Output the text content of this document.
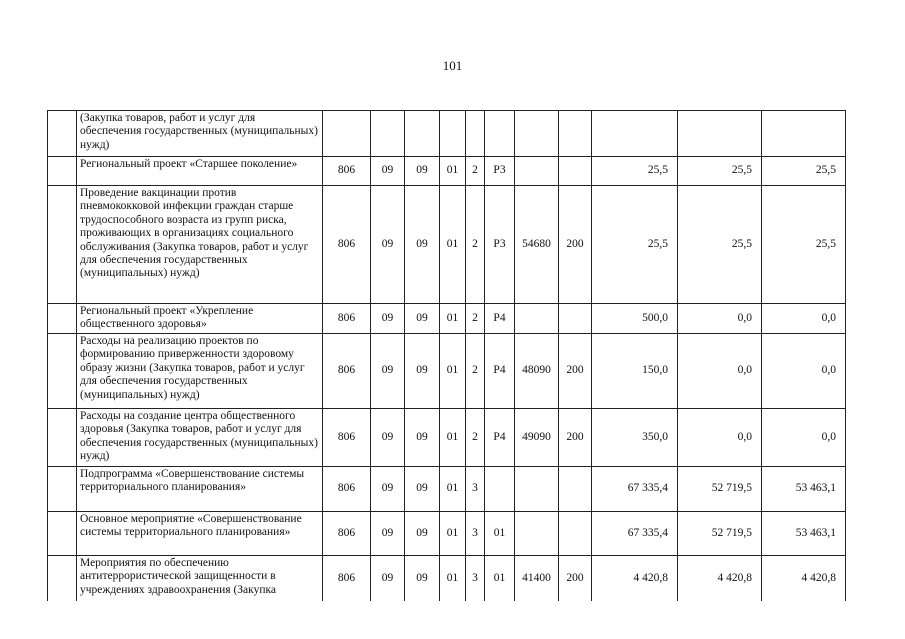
101
	(Закупка товаров, работ и услуг для обеспечения государственных (муниципальных) нужд)											
	Региональный проект «Старшее поколение»	806	09	09	01	2	P3			25,5	25,5	25,5
	Проведение вакцинации против пневмококковой инфекции граждан старше трудоспособного возраста из групп риска, проживающих в организациях социального обслуживания (Закупка товаров, работ и услуг для обеспечения государственных (муниципальных) нужд)	806	09	09	01	2	P3	54680	200	25,5	25,5	25,5
	Региональный проект «Укрепление общественного здоровья»	806	09	09	01	2	P4			500,0	0,0	0,0
	Расходы на реализацию проектов по формированию приверженности здоровому образу жизни (Закупка товаров, работ и услуг для обеспечения государственных (муниципальных) нужд)	806	09	09	01	2	P4	48090	200	150,0	0,0	0,0
	Расходы на создание центра общественного здоровья (Закупка товаров, работ и услуг для обеспечения государственных (муниципальных) нужд)	806	09	09	01	2	P4	49090	200	350,0	0,0	0,0
	Подпрограмма «Совершенствование системы территориального планирования»	806	09	09	01	3				67 335,4	52 719,5	53 463,1
	Основное мероприятие «Совершенствование системы территориального планирования»	806	09	09	01	3	01			67 335,4	52 719,5	53 463,1
	Мероприятия по обеспечению антитеррористической защищенности в учреждениях здравоохранения (Закупка	806	09	09	01	3	01	41400	200	4 420,8	4 420,8	4 420,8
